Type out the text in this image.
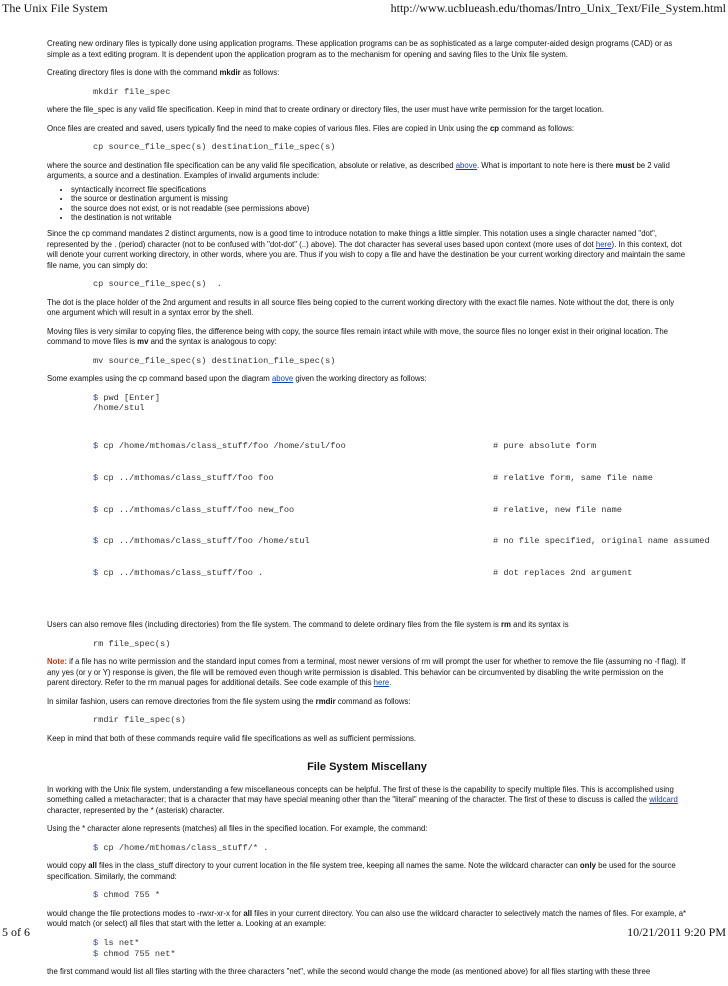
The Unix File System	http://www.ucblueash.edu/thomas/Intro_Unix_Text/File_System.html

Creating new ordinary files is typically done using application programs. These application programs can be as sophisticated as a large computer-aided design programs (CAD) or as simple as a text editing program. It is dependent upon the application program as to the mechanism for opening and saving files to the Unix file system.

Creating directory files is done with the command mkdir as follows:

mkdir file_spec

where the file_spec is any valid file specification. Keep in mind that to create ordinary or directory files, the user must have write permission for the target location.

Once files are created and saved, users typically find the need to make copies of various files. Files are copied in Unix using the cp command as follows:

cp source_file_spec(s) destination_file_spec(s)

where the source and destination file specification can be any valid file specification, absolute or relative, as described above. What is important to note here is there must be 2 valid arguments, a source and a destination. Examples of invalid arguments include:

• syntactically incorrect file specifications
• the source or destination argument is missing
• the source does not exist, or is not readable (see permissions above)
• the destination is not writable

Since the cp command mandates 2 distinct arguments, now is a good time to introduce notation to make things a little simpler. This notation uses a single character named "dot", represented by the . (period) character (not to be confused with "dot-dot" (..) above). The dot character has several uses based upon context (more uses of dot here). In this context, dot will denote your current working directory, in other words, where you are. Thus if you wish to copy a file and have the destination be your current working directory and maintain the same file name, you can simply do:

cp source_file_spec(s)  .

The dot is the place holder of the 2nd argument and results in all source files being copied to the current working directory with the exact file names. Note without the dot, there is only one argument which will result in a syntax error by the shell.

Moving files is very similar to copying files, the difference being with copy, the source files remain intact while with move, the source files no longer exist in their original location. The command to move files is mv and the syntax is analogous to copy:

mv source_file_spec(s) destination_file_spec(s)

Some examples using the cp command based upon the diagram above given the working directory as follows:

$ pwd [Enter]
/home/stul

$ cp /home/mthomas/class_stuff/foo /home/stul/foo	# pure absolute form

$ cp ../mthomas/class_stuff/foo foo	# relative form, same file name

$ cp ../mthomas/class_stuff/foo new_foo	# relative, new file name

$ cp ../mthomas/class_stuff/foo /home/stul	# no file specified, original name assumed

$ cp ../mthomas/class_stuff/foo .	# dot replaces 2nd argument

Users can also remove files (including directories) from the file system. The command to delete ordinary files from the file system is rm and its syntax is

rm file_spec(s)

Note: if a file has no write permission and the standard input comes from a terminal, most newer versions of rm will prompt the user for whether to remove the file (assuming no -f flag). If any yes (or y or Y) response is given, the file will be removed even though write permission is disabled. This behavior can be circumvented by disabling the write permission on the parent directory. Refer to the rm manual pages for additional details. See code example of this here.

In similar fashion, users can remove directories from the file system using the rmdir command as follows:

rmdir file_spec(s)

Keep in mind that both of these commands require valid file specifications as well as sufficient permissions.

File System Miscellany

In working with the Unix file system, understanding a few miscellaneous concepts can be helpful. The first of these is the capability to specify multiple files. This is accomplished using something called a metacharacter; that is a character that may have special meaning other than the "literal" meaning of the character. The first of these to discuss is called the wildcard character, represented by the * (asterisk) character.

Using the * character alone represents (matches) all files in the specified location. For example, the command:

$ cp /home/mthomas/class_stuff/* .

would copy all files in the class_stuff directory to your current location in the file system tree, keeping all names the same. Note the wildcard character can only be used for the source specification. Similarly, the command:

$ chmod 755 *

would change the file protections modes to -rwxr-xr-x for all files in your current directory. You can also use the wildcard character to selectively match the names of files. For example, a* would match (or select) all files that start with the letter a. Looking at an example:

$ ls net*
$ chmod 755 net*

the first command would list all files starting with the three characters "net", while the second would change the mode (as mentioned above) for all files starting with these three

5 of 6	10/21/2011 9:20 PM
